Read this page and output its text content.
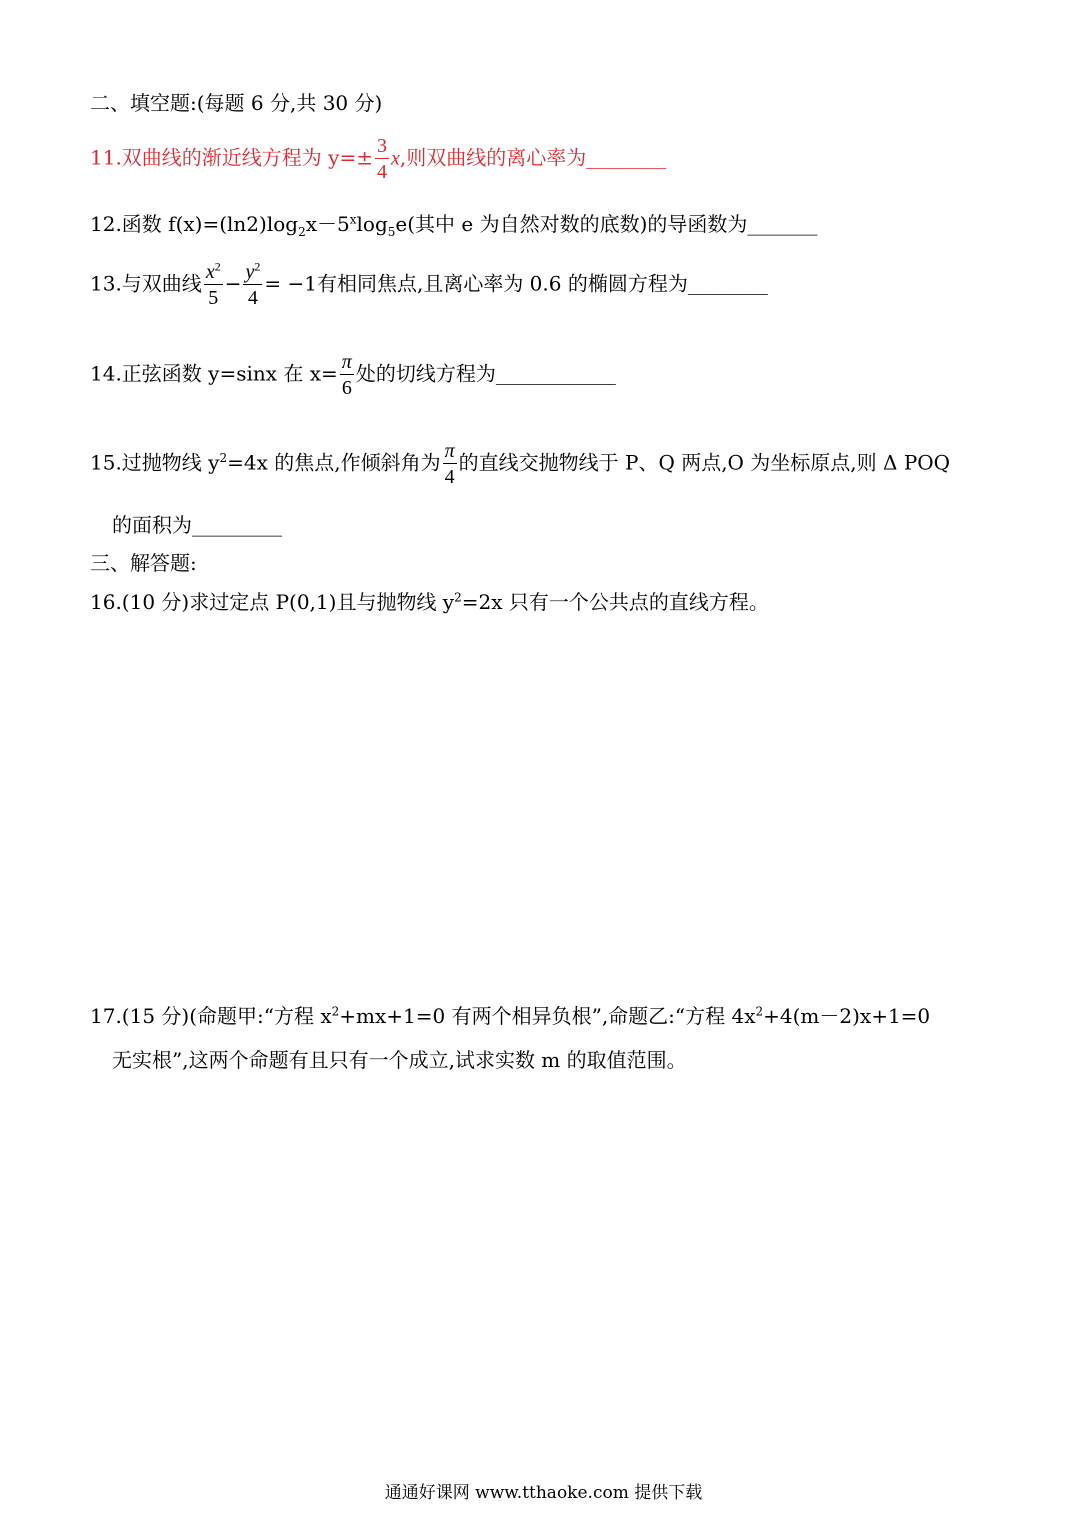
二、填空题:(每题 6 分,共 30 分)
11.双曲线的渐近线方程为 $y=\pm \frac{3}{4} x$,则双曲线的离心率为________
12.函数 $f(x)=(\ln 2)\log_2x-5^x\log_5e$(其中 e 为自然对数的底数)的导函数为_______
13.与双曲线 $\frac{x^2}{5} - \frac{y^2}{4} = -1$有相同焦点,且离心率为 0.6 的椭圆方程为________
14.正弦函数 y=sinx 在 $x= \frac{\pi}{6}$ 处的切线方程为____________
15.过抛物线 $y^2=4x$ 的焦点,作倾斜角为 $\frac{\pi}{4}$ 的直线交抛物线于 P、Q 两点,O 为坐标原点,则 Δ POQ
的面积为_________
三、解答题:
16.(10 分)求过定点 P(0,1)且与抛物线 $y^2=2x$ 只有一个公共点的直线方程。
17.(15 分)(命题甲:“方程 $x^2+mx+1=0$ 有两个相异负根”,命题乙:“方程 $4x^2+4(m-2)x+1=0$
无实根”,这两个命题有且只有一个成立,试求实数 m 的取值范围。
通通好课网 www.tthaoke.com 提供下载
